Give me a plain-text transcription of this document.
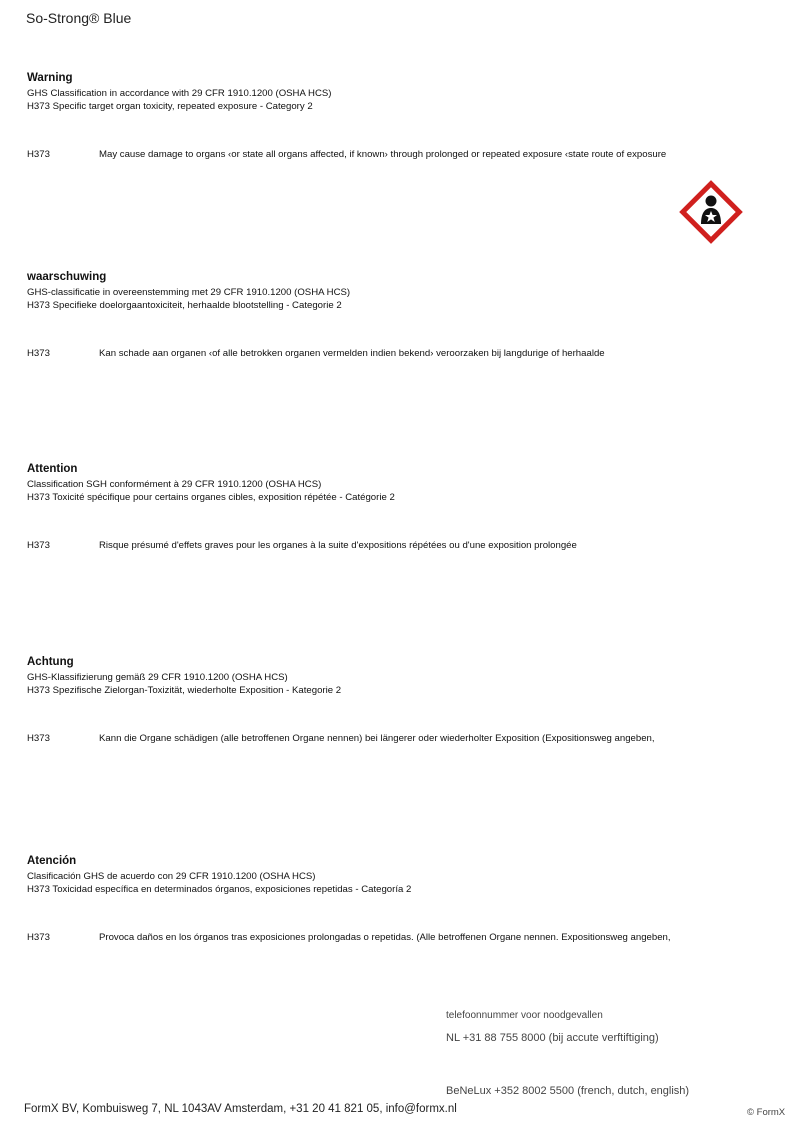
So-Strong® Blue
Warning
GHS Classification in accordance with 29 CFR 1910.1200 (OSHA HCS)
H373 Specific target organ toxicity, repeated exposure - Category 2
H373	May cause damage to organs ‹or state all organs affected, if known› through prolonged or repeated exposure ‹state route of exposure
waarschuwing
GHS-classificatie in overeenstemming met 29 CFR 1910.1200 (OSHA HCS)
H373 Specifieke doelorgaantoxiciteit, herhaalde blootstelling - Categorie 2
H373	Kan schade aan organen ‹of alle betrokken organen vermelden indien bekend› veroorzaken bij langdurige of herhaalde
Attention
Classification SGH conformément à 29 CFR 1910.1200 (OSHA HCS)
H373 Toxicité spécifique pour certains organes cibles, exposition répétée - Catégorie 2
H373	Risque présumé d'effets graves pour les organes à la suite d'expositions répétées ou d'une exposition prolongée
Achtung
GHS-Klassifizierung gemäß 29 CFR 1910.1200 (OSHA HCS)
H373 Spezifische Zielorgan-Toxizität, wiederholte Exposition - Kategorie 2
H373	Kann die Organe schädigen (alle betroffenen Organe nennen) bei längerer oder wiederholter Exposition (Expositionsweg angeben,
Atención
Clasificación GHS de acuerdo con 29 CFR 1910.1200 (OSHA HCS)
H373 Toxicidad específica en determinados órganos, exposiciones repetidas - Categoría 2
H373	Provoca daños en los órganos tras exposiciones prolongadas o repetidas. (Alle betroffenen Organe nennen. Expositionsweg angeben,
telefoonnummer voor noodgevallen
NL +31 88 755 8000 (bij accute verftiftiging)
BeNeLux +352 8002 5500 (french, dutch, english)
FormX BV, Kombuisweg 7, NL 1043AV Amsterdam, +31 20 41 821 05, info@formx.nl	© FormX
